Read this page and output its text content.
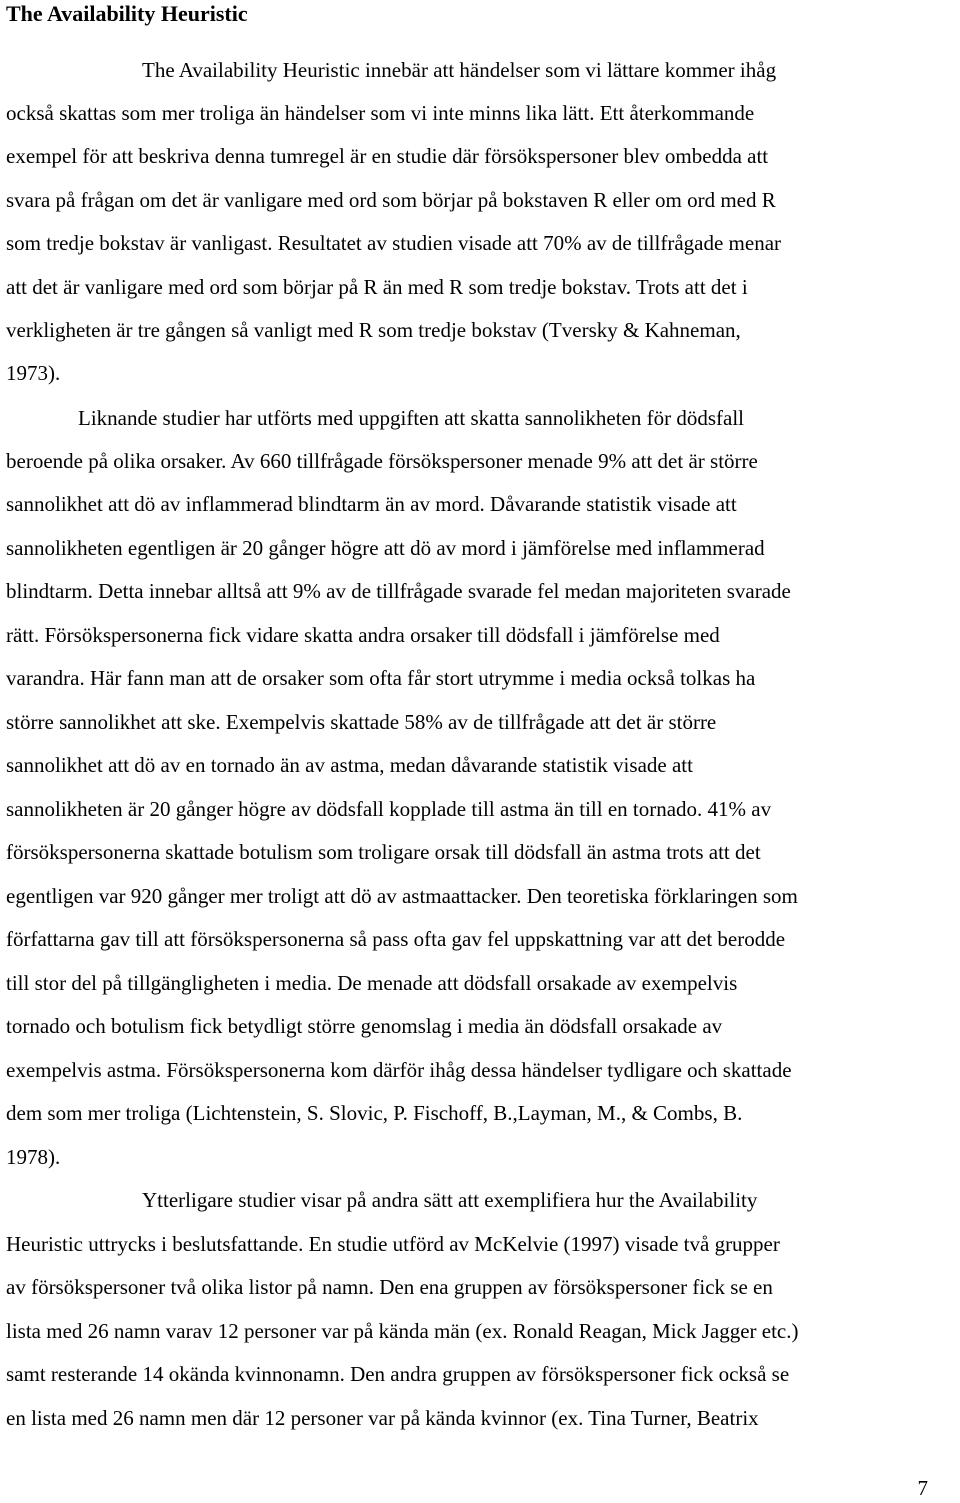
The Availability Heuristic
The Availability Heuristic innebär att händelser som vi lättare kommer ihåg
också skattas som mer troliga än händelser som vi inte minns lika lätt. Ett återkommande
exempel för att beskriva denna tumregel är en studie där försökspersoner blev ombedda att
svara på frågan om det är vanligare med ord som börjar på bokstaven R eller om ord med R
som tredje bokstav är vanligast. Resultatet av studien visade att 70% av de tillfrågade menar
att det är vanligare med ord som börjar på R än med R som tredje bokstav. Trots att det i
verkligheten är tre gången så vanligt med R som tredje bokstav (Tversky & Kahneman,
1973).
Liknande studier har utförts med uppgiften att skatta sannolikheten för dödsfall
beroende på olika orsaker. Av 660 tillfrågade försökspersoner menade 9% att det är större
sannolikhet att dö av inflammerad blindtarm än av mord. Dåvarande statistik visade att
sannolikheten egentligen är 20 gånger högre att dö av mord i jämförelse med inflammerad
blindtarm. Detta innebar alltså att 9% av de tillfrågade svarade fel medan majoriteten svarade
rätt. Försökspersonerna fick vidare skatta andra orsaker till dödsfall i jämförelse med
varandra. Här fann man att de orsaker som ofta får stort utrymme i media också tolkas ha
större sannolikhet att ske. Exempelvis skattade 58% av de tillfrågade att det är större
sannolikhet att dö av en tornado än av astma, medan dåvarande statistik visade att
sannolikheten är 20 gånger högre av dödsfall kopplade till astma än till en tornado. 41% av
försökspersonerna skattade botulism som troligare orsak till dödsfall än astma trots att det
egentligen var 920 gånger mer troligt att dö av astmaattacker. Den teoretiska förklaringen som
författarna gav till att försökspersonerna så pass ofta gav fel uppskattning var att det berodde
till stor del på tillgängligheten i media. De menade att dödsfall orsakade av exempelvis
tornado och botulism fick betydligt större genomslag i media än dödsfall orsakade av
exempelvis astma. Försökspersonerna kom därför ihåg dessa händelser tydligare och skattade
dem som mer troliga (Lichtenstein, S. Slovic, P. Fischoff, B.,Layman, M., & Combs, B.
1978).
Ytterligare studier visar på andra sätt att exemplifiera hur the Availability
Heuristic uttrycks i beslutsfattande. En studie utförd av McKelvie (1997) visade två grupper
av försökspersoner två olika listor på namn. Den ena gruppen av försökspersoner fick se en
lista med 26 namn varav 12 personer var på kända män (ex. Ronald Reagan, Mick Jagger etc.)
samt resterande 14 okända kvinnonamn. Den andra gruppen av försökspersoner fick också se
en lista med 26 namn men där 12 personer var på kända kvinnor (ex. Tina Turner, Beatrix
7
